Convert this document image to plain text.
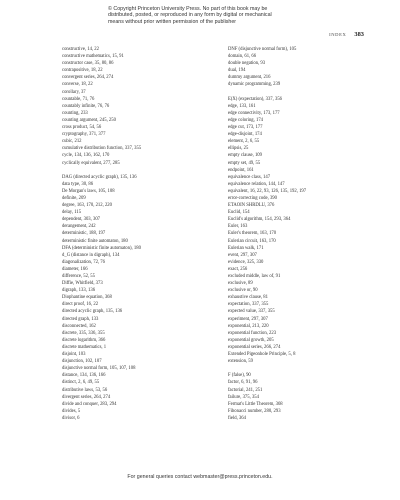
© Copyright Princeton University Press. No part of this book may be
distributed, posted, or reproduced in any form by digital or mechanical
means without prior written permission of the publisher
INDEX 383
constructive, 14, 22
constructive mathematics, 15, 91
constructor case, 35, 80, 86
contrapositive, 18, 22
convergent series, 264, 274
converse, 18, 22
corollary, 37
countable, 71, 76
countably infinite, 76, 76
counting, 233
counting argument, 245, 250
cross product, 54, 56
cryptography, 371, 377
cubic, 212
cumulative distribution function, 337, 355
cycle, 134, 136, 162, 170
cyclically equivalent, 277, 285
DAG (directed acyclic graph), 135, 136
data type, 30, 86
De Morgan's laws, 105, 108
definite, 209
degree, 163, 170, 212, 220
delay, 115
dependent, 303, 307
derangement, 242
deterministic, 188, 197
deterministic finite automaton, 180
DFA (deterministic finite automaton), 180
d_G (distance in digraph), 134
diagonalization, 72, 76
diameter, 166
difference, 52, 55
Diffie, Whitfield, 373
digraph, 133, 136
Diophantine equation, 368
direct proof, 16, 22
directed acyclic graph, 135, 136
directed graph, 133
disconnected, 162
discrete, 335, 336, 355
discrete logarithm, 366
discrete mathematics, 1
disjoint, 103
disjunction, 102, 107
disjunctive normal form, 105, 107, 108
distance, 134, 136, 166
distinct, 2, 6, 49, 55
distributive laws, 53, 56
divergent series, 264, 274
divide and conquer, 283, 294
divides, 5
divisor, 6
DNF (disjunctive normal form), 105
domain, 61, 66
double negation, 93
dual, 194
dummy argument, 216
dynamic programming, 239
E(X) (expectation), 337, 356
edge, 133, 161
edge connectivity, 173, 177
edge coloring, 174
edge cut, 173, 177
edge-disjoint, 174
element, 2, 6, 55
ellipsis, 25
empty clause, 109
empty set, 49, 55
endpoint, 161
equivalence class, 147
equivalence relation, 144, 147
equivalent, 16, 22, 93, 126, 135, 192, 197
error-correcting code, 390
ETAOIN SHRDLU, 376
Euclid, 154
Euclid's algorithm, 154, 293, 364
Euler, 163
Euler's theorem, 163, 170
Eulerian circuit, 163, 170
Eulerian walk, 171
event, 297, 307
evidence, 325, 330
exact, 256
excluded middle, law of, 91
exclusive, 89
exclusive or, 90
exhaustive clause, 81
expectation, 337, 355
expected value, 337, 355
experiment, 297, 307
exponential, 213, 220
exponential function, 223
exponential growth, 205
exponential series, 266, 274
Extended Pigeonhole Principle, 5, 8
extension, 59
F (false), 90
factor, 6, 91, 96
factorial, 241, 251
failure, 375, 354
Fermat's Little Theorem, 368
Fibonacci number, 280, 293
field, 364
For general queries contact webmaster@press.princeton.edu.
